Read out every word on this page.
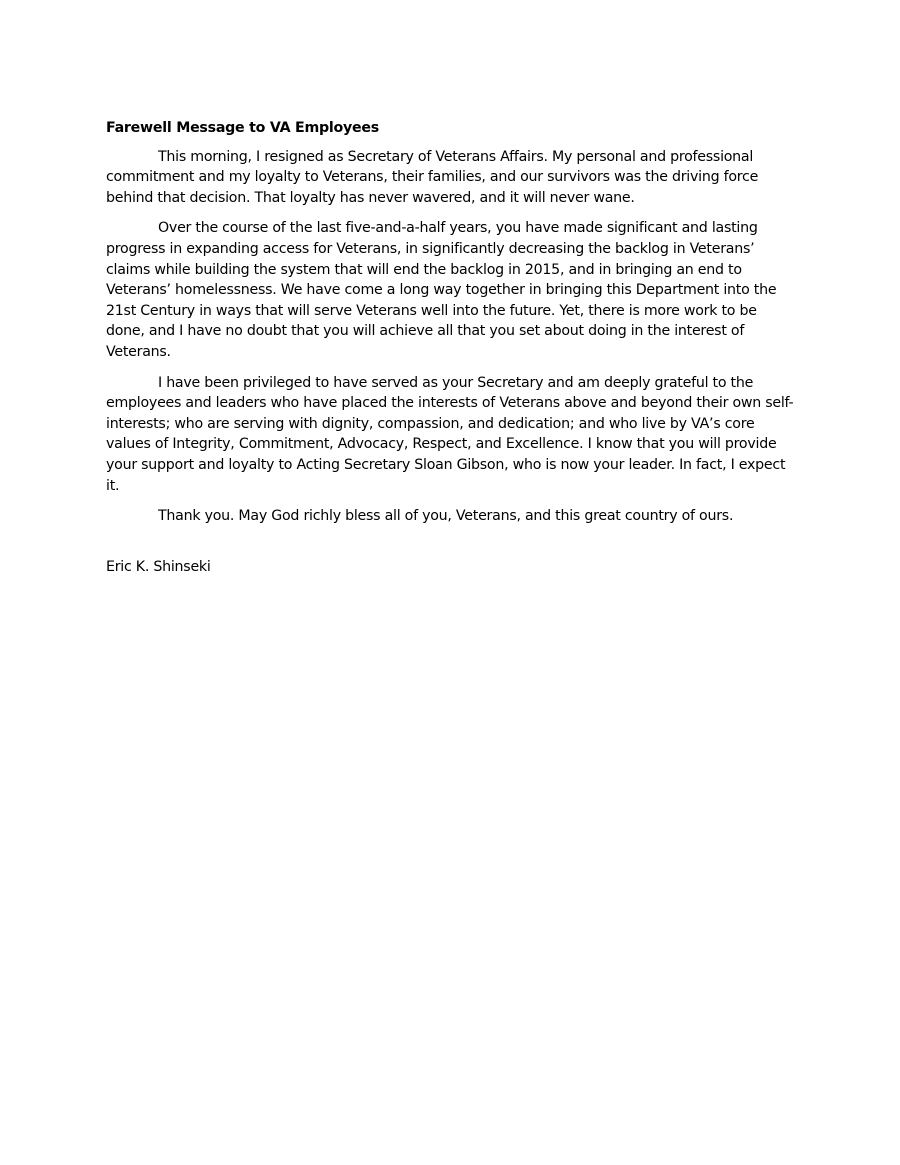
Farewell Message to VA Employees

This morning, I resigned as Secretary of Veterans Affairs. My personal and professional commitment and my loyalty to Veterans, their families, and our survivors was the driving force behind that decision. That loyalty has never wavered, and it will never wane.

Over the course of the last five-and-a-half years, you have made significant and lasting progress in expanding access for Veterans, in significantly decreasing the backlog in Veterans’ claims while building the system that will end the backlog in 2015, and in bringing an end to Veterans’ homelessness. We have come a long way together in bringing this Department into the 21st Century in ways that will serve Veterans well into the future. Yet, there is more work to be done, and I have no doubt that you will achieve all that you set about doing in the interest of Veterans.

I have been privileged to have served as your Secretary and am deeply grateful to the employees and leaders who have placed the interests of Veterans above and beyond their own self-interests; who are serving with dignity, compassion, and dedication; and who live by VA’s core values of Integrity, Commitment, Advocacy, Respect, and Excellence. I know that you will provide your support and loyalty to Acting Secretary Sloan Gibson, who is now your leader. In fact, I expect it.

Thank you. May God richly bless all of you, Veterans, and this great country of ours.

Eric K. Shinseki
